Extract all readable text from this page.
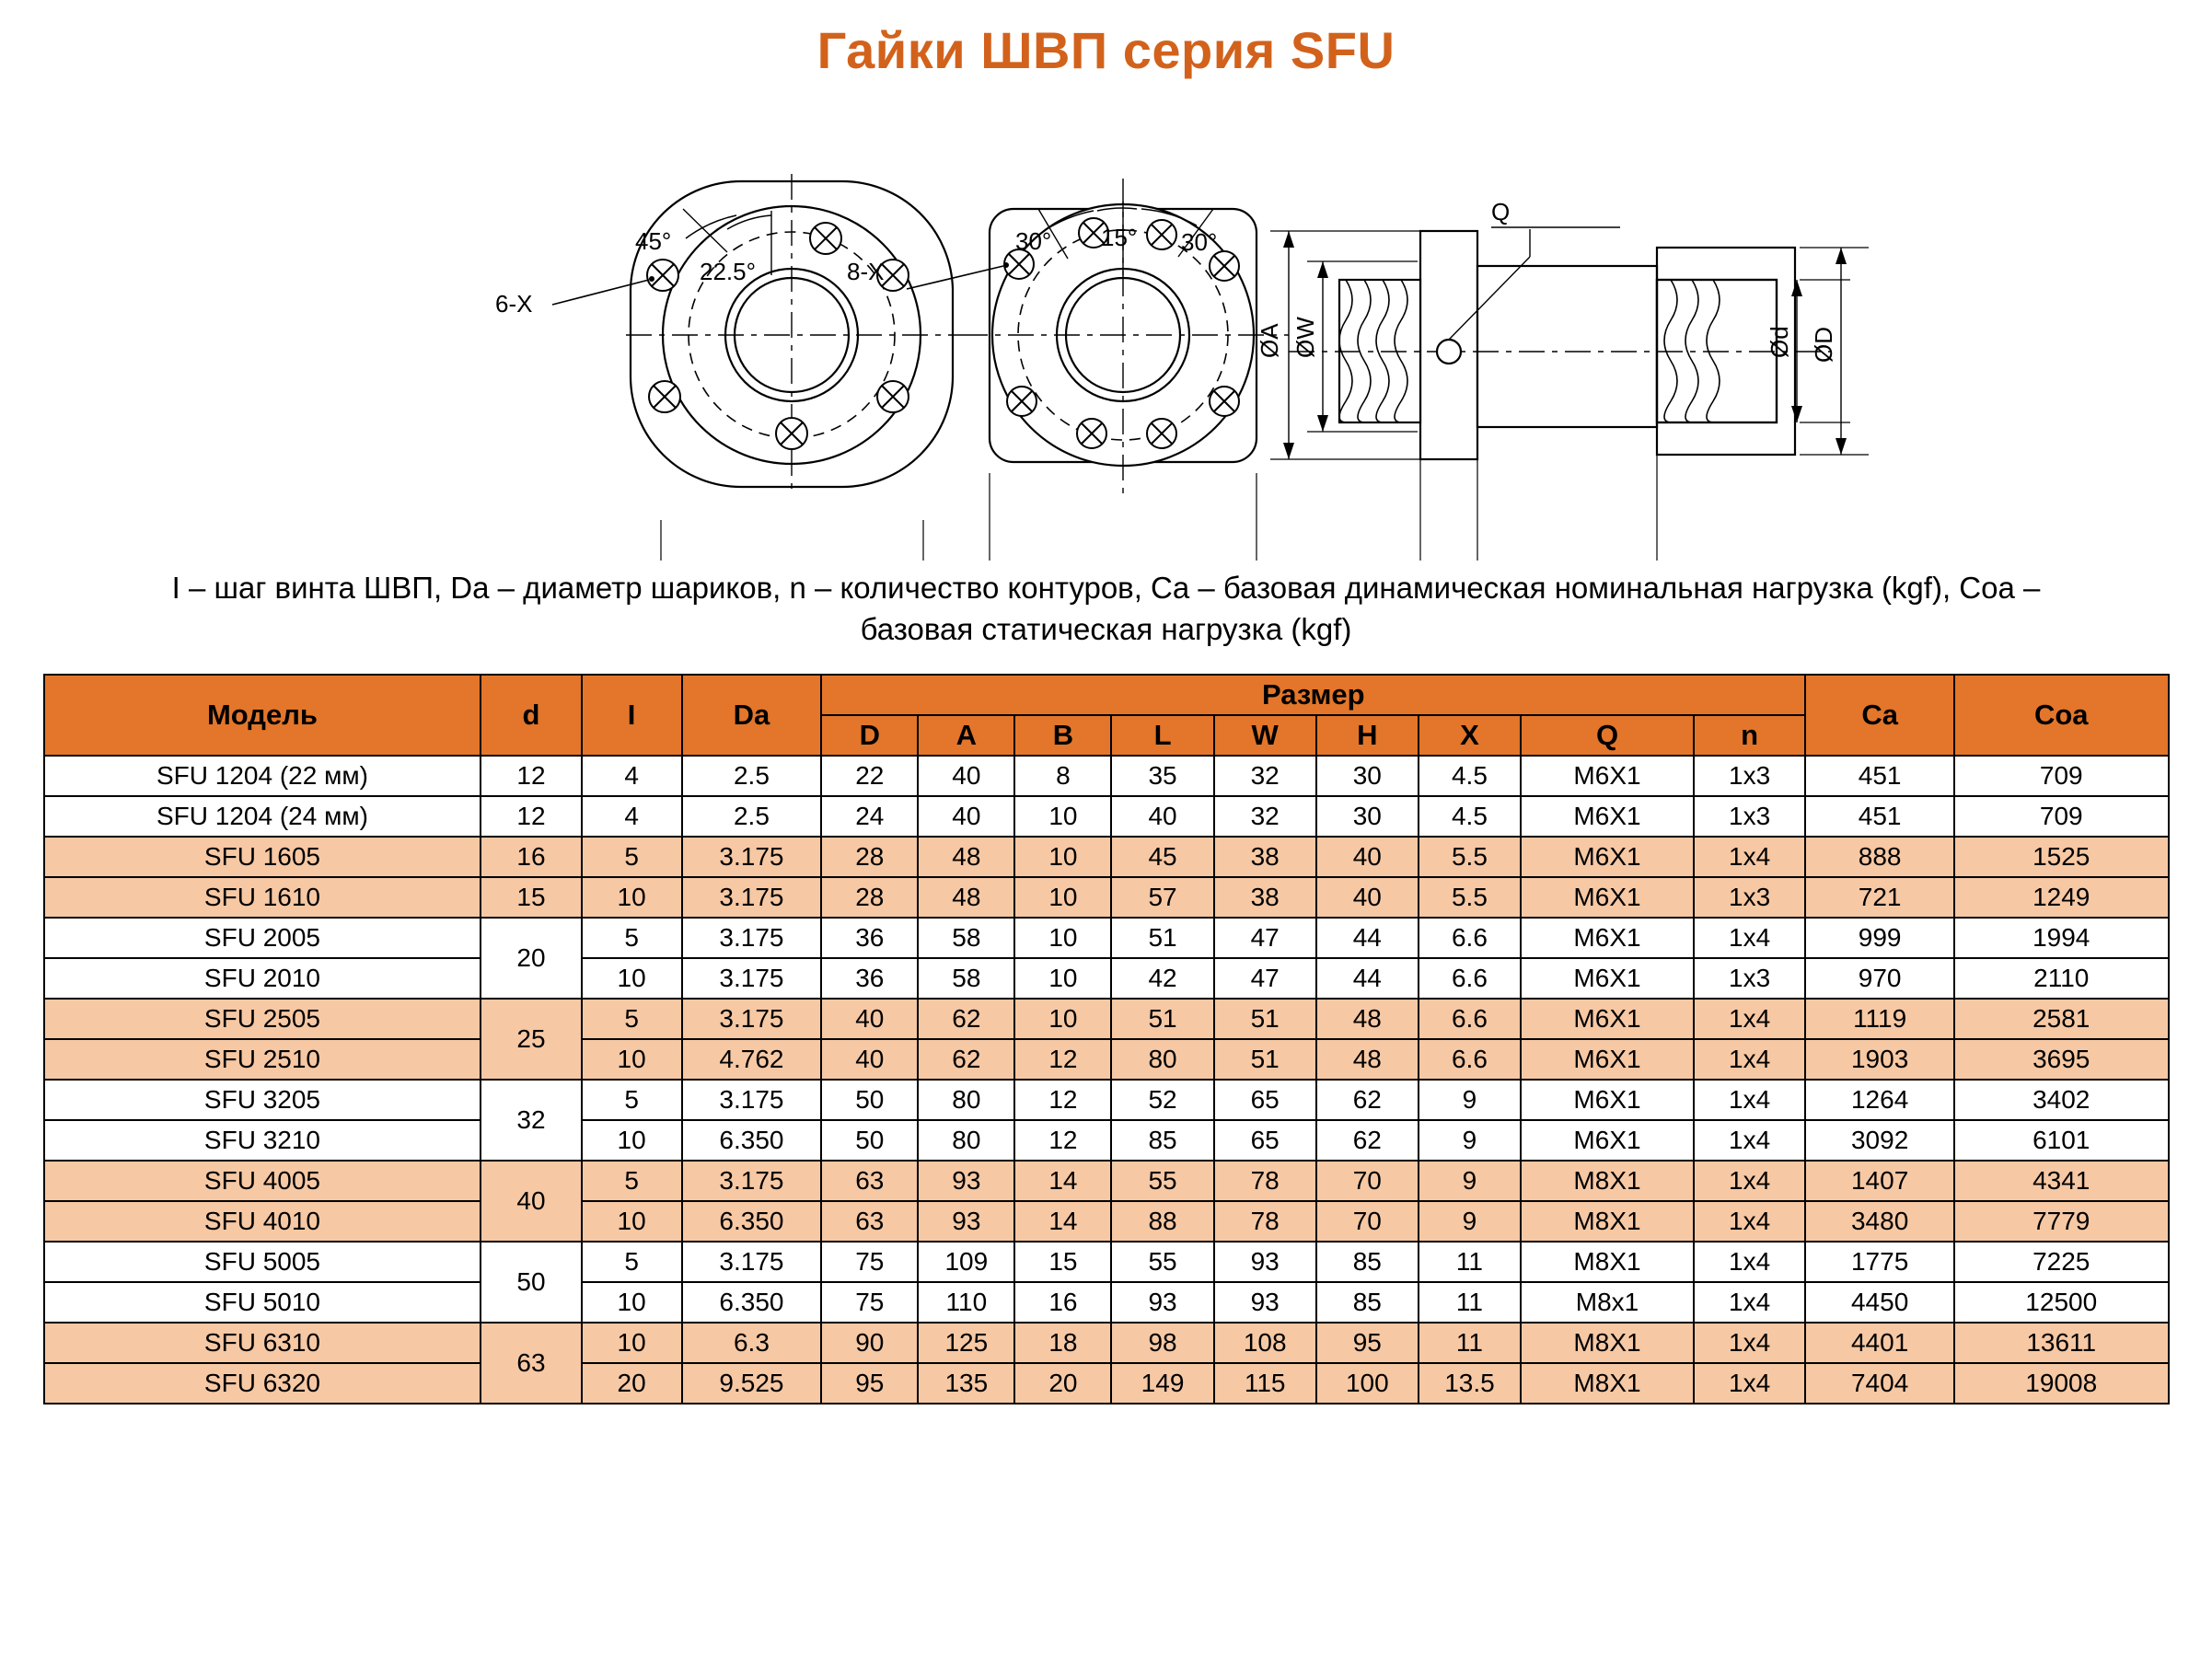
Гайки ШВП серия SFU
6-X
45°
22.5°	8-X
30° 15° 30°
Q
ØA ØW	Ød ØD
I – шаг винта ШВП, Da – диаметр шариков, n – количество контуров, Ca – базовая динамическая номинальная нагрузка (kgf), Coa – базовая статическая нагрузка (kgf)
Модель	d	I	Da	Размер									Ca	Coa
				D	A	B	L	W	H	X	Q	n		
SFU 1204 (22 мм)	12	4	2.5	22	40	8	35	32	30	4.5	M6X1	1x3	451	709
SFU 1204 (24 мм)	12	4	2.5	24	40	10	40	32	30	4.5	M6X1	1x3	451	709
SFU 1605	16	5	3.175	28	48	10	45	38	40	5.5	M6X1	1x4	888	1525
SFU 1610	15	10	3.175	28	48	10	57	38	40	5.5	M6X1	1x3	721	1249
SFU 2005	20	5	3.175	36	58	10	51	47	44	6.6	M6X1	1x4	999	1994
SFU 2010		10	3.175	36	58	10	42	47	44	6.6	M6X1	1x3	970	2110
SFU 2505	25	5	3.175	40	62	10	51	51	48	6.6	M6X1	1x4	1119	2581
SFU 2510		10	4.762	40	62	12	80	51	48	6.6	M6X1	1x4	1903	3695
SFU 3205	32	5	3.175	50	80	12	52	65	62	9	M6X1	1x4	1264	3402
SFU 3210		10	6.350	50	80	12	85	65	62	9	M6X1	1x4	3092	6101
SFU 4005	40	5	3.175	63	93	14	55	78	70	9	M8X1	1x4	1407	4341
SFU 4010		10	6.350	63	93	14	88	78	70	9	M8X1	1x4	3480	7779
SFU 5005	50	5	3.175	75	109	15	55	93	85	11	M8X1	1x4	1775	7225
SFU 5010		10	6.350	75	110	16	93	93	85	11	M8x1	1x4	4450	12500
SFU 6310	63	10	6.3	90	125	18	98	108	95	11	M8X1	1x4	4401	13611
SFU 6320		20	9.525	95	135	20	149	115	100	13.5	M8X1	1x4	7404	19008
